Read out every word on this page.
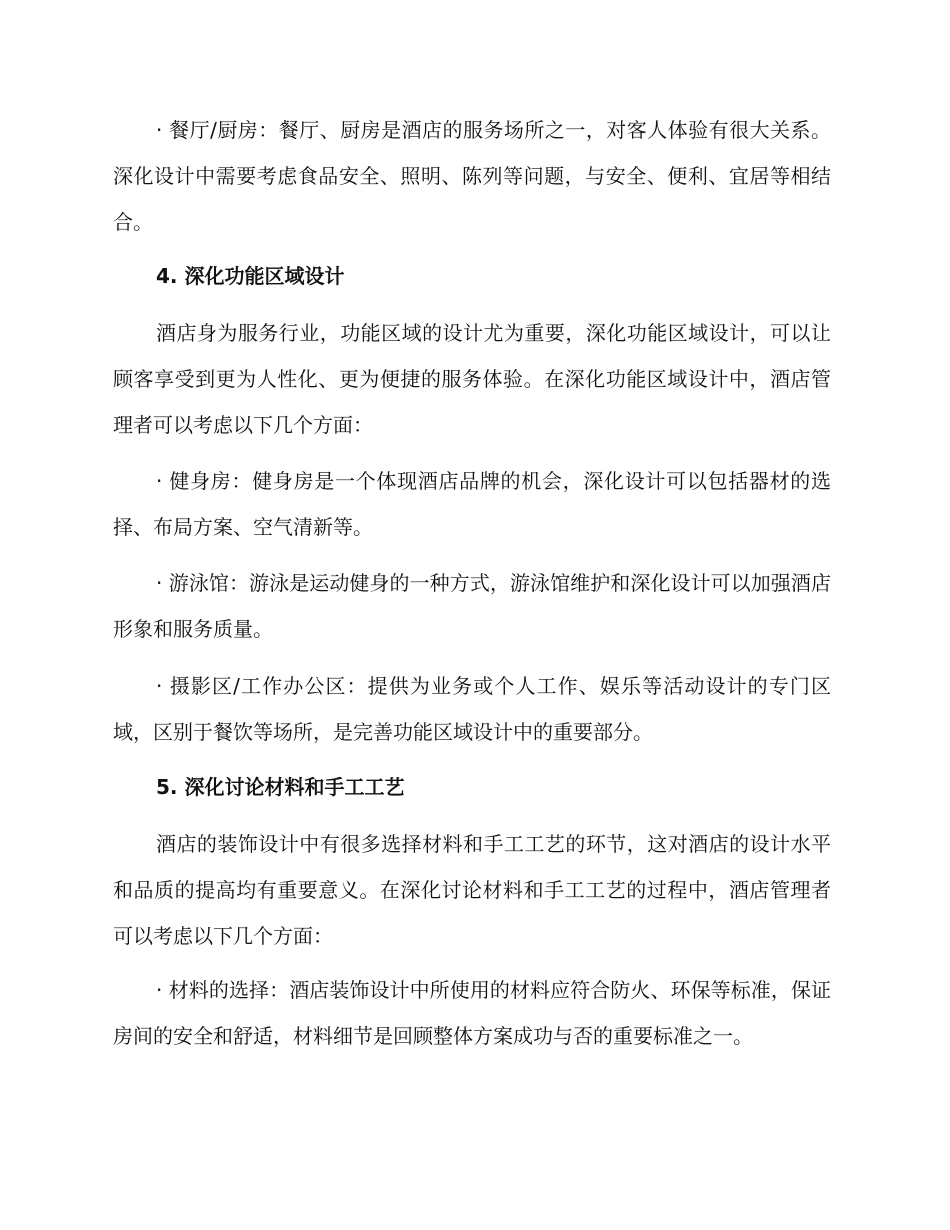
· 餐厅/厨房：餐厅、厨房是酒店的服务场所之一，对客人体验有很大关系。深化设计中需要考虑食品安全、照明、陈列等问题，与安全、便利、宜居等相结合。

4. 深化功能区域设计

酒店身为服务行业，功能区域的设计尤为重要，深化功能区域设计，可以让顾客享受到更为人性化、更为便捷的服务体验。在深化功能区域设计中，酒店管理者可以考虑以下几个方面：

· 健身房：健身房是一个体现酒店品牌的机会，深化设计可以包括器材的选择、布局方案、空气清新等。

· 游泳馆：游泳是运动健身的一种方式，游泳馆维护和深化设计可以加强酒店形象和服务质量。

· 摄影区/工作办公区：提供为业务或个人工作、娱乐等活动设计的专门区域，区别于餐饮等场所，是完善功能区域设计中的重要部分。

5. 深化讨论材料和手工工艺

酒店的装饰设计中有很多选择材料和手工工艺的环节，这对酒店的设计水平和品质的提高均有重要意义。在深化讨论材料和手工工艺的过程中，酒店管理者可以考虑以下几个方面：

· 材料的选择：酒店装饰设计中所使用的材料应符合防火、环保等标准，保证房间的安全和舒适，材料细节是回顾整体方案成功与否的重要标准之一。
